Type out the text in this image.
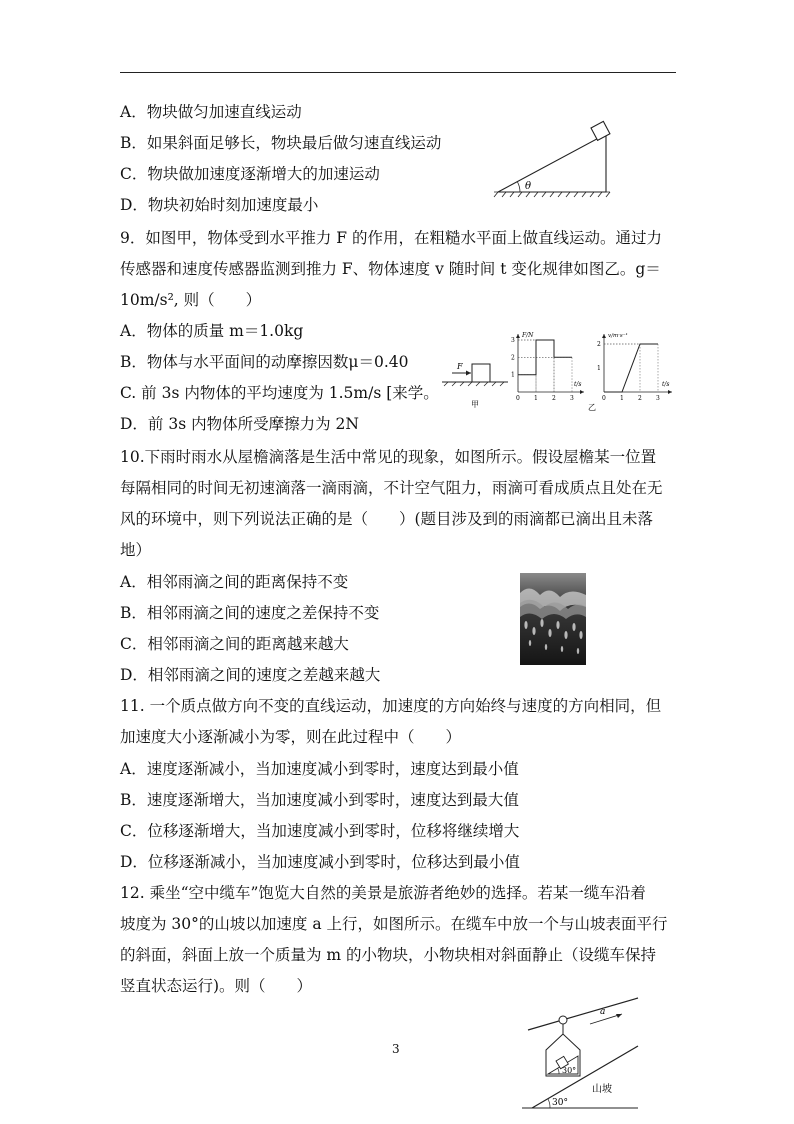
A．物块做匀加速直线运动
B．如果斜面足够长，物块最后做匀速直线运动
C．物块做加速度逐渐增大的加速运动
D．物块初始时刻加速度最小
θ
9．如图甲，物体受到水平推力 F 的作用，在粗糙水平面上做直线运动。通过力
传感器和速度传感器监测到推力 F、物体速度 v 随时间 t 变化规律如图乙。g＝
10m/s², 则（　　）
A．物体的质量 m＝1.0kg
B．物体与水平面间的动摩擦因数μ＝0.40
C. 前 3s 内物体的平均速度为 1.5m/s [来学。
D．前 3s 内物体所受摩擦力为 2N
F
甲
F/N
t/s
0 1 2 3
1
2
3
v/m·s⁻¹
t/s
0 1 2 3
1
2
乙
10.下雨时雨水从屋檐滴落是生活中常见的现象，如图所示。假设屋檐某一位置
每隔相同的时间无初速滴落一滴雨滴，不计空气阻力，雨滴可看成质点且处在无
风的环境中，则下列说法正确的是（　　）(题目涉及到的雨滴都已滴出且未落
地）
A．相邻雨滴之间的距离保持不变
B．相邻雨滴之间的速度之差保持不变
C．相邻雨滴之间的距离越来越大
D．相邻雨滴之间的速度之差越来越大
11. 一个质点做方向不变的直线运动，加速度的方向始终与速度的方向相同，但
加速度大小逐渐减小为零，则在此过程中（　　）
A．速度逐渐减小，当加速度减小到零时，速度达到最小值
B．速度逐渐增大，当加速度减小到零时，速度达到最大值
C．位移逐渐增大，当加速度减小到零时，位移将继续增大
D．位移逐渐减小，当加速度减小到零时，位移达到最小值
12. 乘坐“空中缆车”饱览大自然的美景是旅游者绝妙的选择。若某一缆车沿着
坡度为 30°的山坡以加速度 a 上行，如图所示。在缆车中放一个与山坡表面平行
的斜面，斜面上放一个质量为 m 的小物块，小物块相对斜面静止（设缆车保持
竖直状态运行)。则（　　）
30°
a
30°
山坡
3
